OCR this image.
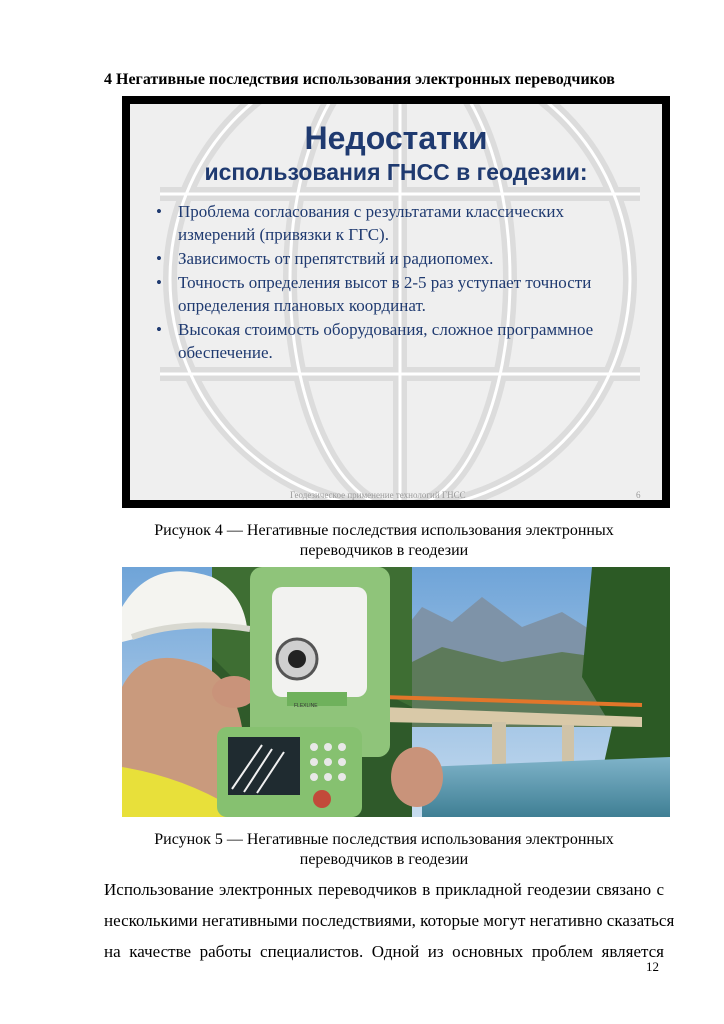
4 Негативные последствия использования электронных переводчиков
Недостатки
использования ГНСС в геодезии:
• Проблема согласования с результатами классических
измерений (привязки к ГГС).
• Зависимость от препятствий и радиопомех.
• Точность определения высот в 2-5 раз уступает точности
определения плановых координат.
• Высокая стоимость оборудования, сложное программное
обеспечение.
Геодезическое применение технологий ГНСС	6
Рисунок 4 — Негативные последствия использования электронных
переводчиков в геодезии
FLEXLINE
Рисунок 5 — Негативные последствия использования электронных
переводчиков в геодезии
Использование электронных переводчиков в прикладной геодезии связано с
несколькими негативными последствиями, которые могут негативно сказаться
на качестве работы специалистов. Одной из основных проблем является
12
